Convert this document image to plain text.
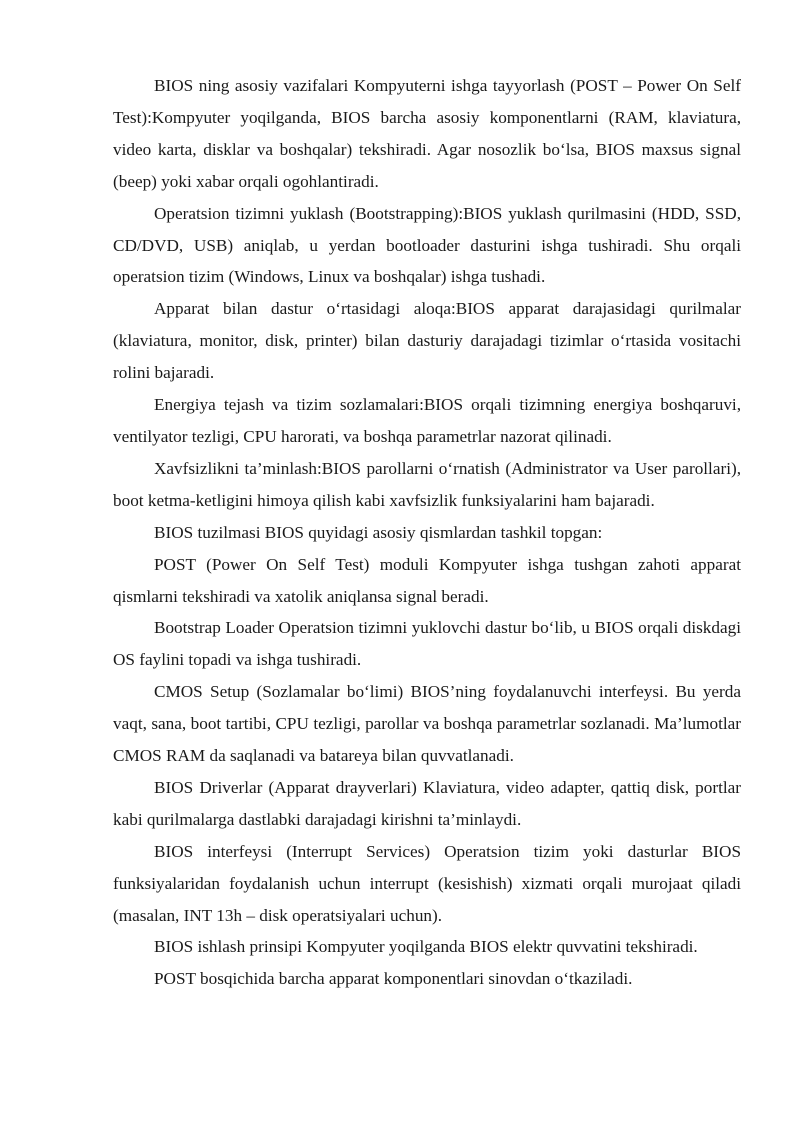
BIOS ning asosiy vazifalari Kompyuterni ishga tayyorlash (POST – Power On Self Test):Kompyuter yoqilganda, BIOS barcha asosiy komponentlarni (RAM, klaviatura, video karta, disklar va boshqalar) tekshiradi. Agar nosozlik bo‘lsa, BIOS maxsus signal (beep) yoki xabar orqali ogohlantiradi.

Operatsion tizimni yuklash (Bootstrapping):BIOS yuklash qurilmasini (HDD, SSD, CD/DVD, USB) aniqlab, u yerdan bootloader dasturini ishga tushiradi. Shu orqali operatsion tizim (Windows, Linux va boshqalar) ishga tushadi.

Apparat bilan dastur o‘rtasidagi aloqa:BIOS apparat darajasidagi qurilmalar (klaviatura, monitor, disk, printer) bilan dasturiy darajadagi tizimlar o‘rtasida vositachi rolini bajaradi.

Energiya tejash va tizim sozlamalari:BIOS orqali tizimning energiya boshqaruvi, ventilyator tezligi, CPU harorati, va boshqa parametrlar nazorat qilinadi.

Xavfsizlikni ta’minlash:BIOS parollarni o‘rnatish (Administrator va User parollari), boot ketma-ketligini himoya qilish kabi xavfsizlik funksiyalarini ham bajaradi.

BIOS tuzilmasi BIOS quyidagi asosiy qismlardan tashkil topgan:

POST (Power On Self Test) moduli Kompyuter ishga tushgan zahoti apparat qismlarni tekshiradi va xatolik aniqlansa signal beradi.

Bootstrap Loader Operatsion tizimni yuklovchi dastur bo‘lib, u BIOS orqali diskdagi OS faylini topadi va ishga tushiradi.

CMOS Setup (Sozlamalar bo‘limi) BIOS’ning foydalanuvchi interfeysi. Bu yerda vaqt, sana, boot tartibi, CPU tezligi, parollar va boshqa parametrlar sozlanadi. Ma’lumotlar CMOS RAM da saqlanadi va batareya bilan quvvatlanadi.

BIOS Driverlar (Apparat drayverlari) Klaviatura, video adapter, qattiq disk, portlar kabi qurilmalarga dastlabki darajadagi kirishni ta’minlaydi.

BIOS interfeysi (Interrupt Services) Operatsion tizim yoki dasturlar BIOS funksiyalaridan foydalanish uchun interrupt (kesishish) xizmati orqali murojaat qiladi (masalan, INT 13h – disk operatsiyalari uchun).

BIOS ishlash prinsipi Kompyuter yoqilganda BIOS elektr quvvatini tekshiradi.

POST bosqichida barcha apparat komponentlari sinovdan o‘tkaziladi.
